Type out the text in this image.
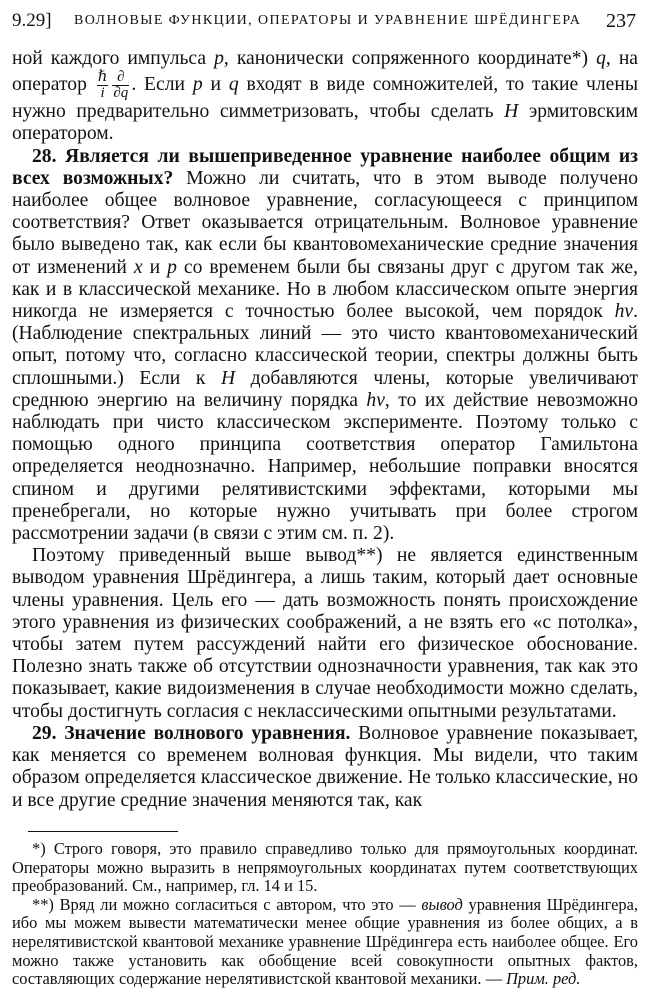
9.29]	ВОЛНОВЫЕ ФУНКЦИИ, ОПЕРАТОРЫ И УРАВНЕНИЕ ШРЁДИНГЕРА	237

ной каждого импульса p, канонически сопряженного координате*) q, на оператор $\frac{\text{ℏ}}{i} \frac{\partial}{\partial q}$ . Если p и q входят в виде сомножителей, то такие члены нужно предварительно симметризовать, чтобы сделать H эрмитовским оператором.

28. Является ли вышеприведенное уравнение наиболее общим из всех возможных? Можно ли считать, что в этом выводе получено наиболее общее волновое уравнение, согласующееся с принципом соответствия? Ответ оказывается отрицательным. Волновое уравнение было выведено так, как если бы квантовомеханические средние значения от изменений x и p со временем были бы связаны друг с другом так же, как и в классической механике. Но в любом классическом опыте энергия никогда не измеряется с точностью более высокой, чем порядок hν. (Наблюдение спектральных линий — это чисто квантовомеханический опыт, потому что, согласно классической теории, спектры должны быть сплошными.) Если к H добавляются члены, которые увеличивают среднюю энергию на величину порядка hν, то их действие невозможно наблюдать при чисто классическом эксперименте. Поэтому только с помощью одного принципа соответствия оператор Гамильтона определяется неоднозначно. Например, небольшие поправки вносятся спином и другими релятивистскими эффектами, которыми мы пренебрегали, но которые нужно учитывать при более строгом рассмотрении задачи (в связи с этим см. п. 2).

Поэтому приведенный выше вывод**) не является единственным выводом уравнения Шрёдингера, а лишь таким, который дает основные члены уравнения. Цель его — дать возможность понять происхождение этого уравнения из физических соображений, а не взять его «с потолка», чтобы затем путем рассуждений найти его физическое обоснование. Полезно знать также об отсутствии однозначности уравнения, так как это показывает, какие видоизменения в случае необходимости можно сделать, чтобы достигнуть согласия с неклассическими опытными результатами.

29. Значение волнового уравнения. Волновое уравнение показывает, как меняется со временем волновая функция. Мы видели, что таким образом определяется классическое движение. Не только классические, но и все другие средние значения меняются так, как

*) Строго говоря, это правило справедливо только для прямоугольных координат. Операторы можно выразить в непрямоугольных координатах путем соответствующих преобразований. См., например, гл. 14 и 15.

**) Вряд ли можно согласиться с автором, что это — вывод уравнения Шрёдингера, ибо мы можем вывести математически менее общие уравнения из более общих, а в нерелятивистской квантовой механике уравнение Шрёдингера есть наиболее общее. Его можно также установить как обобщение всей совокупности опытных фактов, составляющих содержание нерелятивистской квантовой механики. — Прим. ред.
